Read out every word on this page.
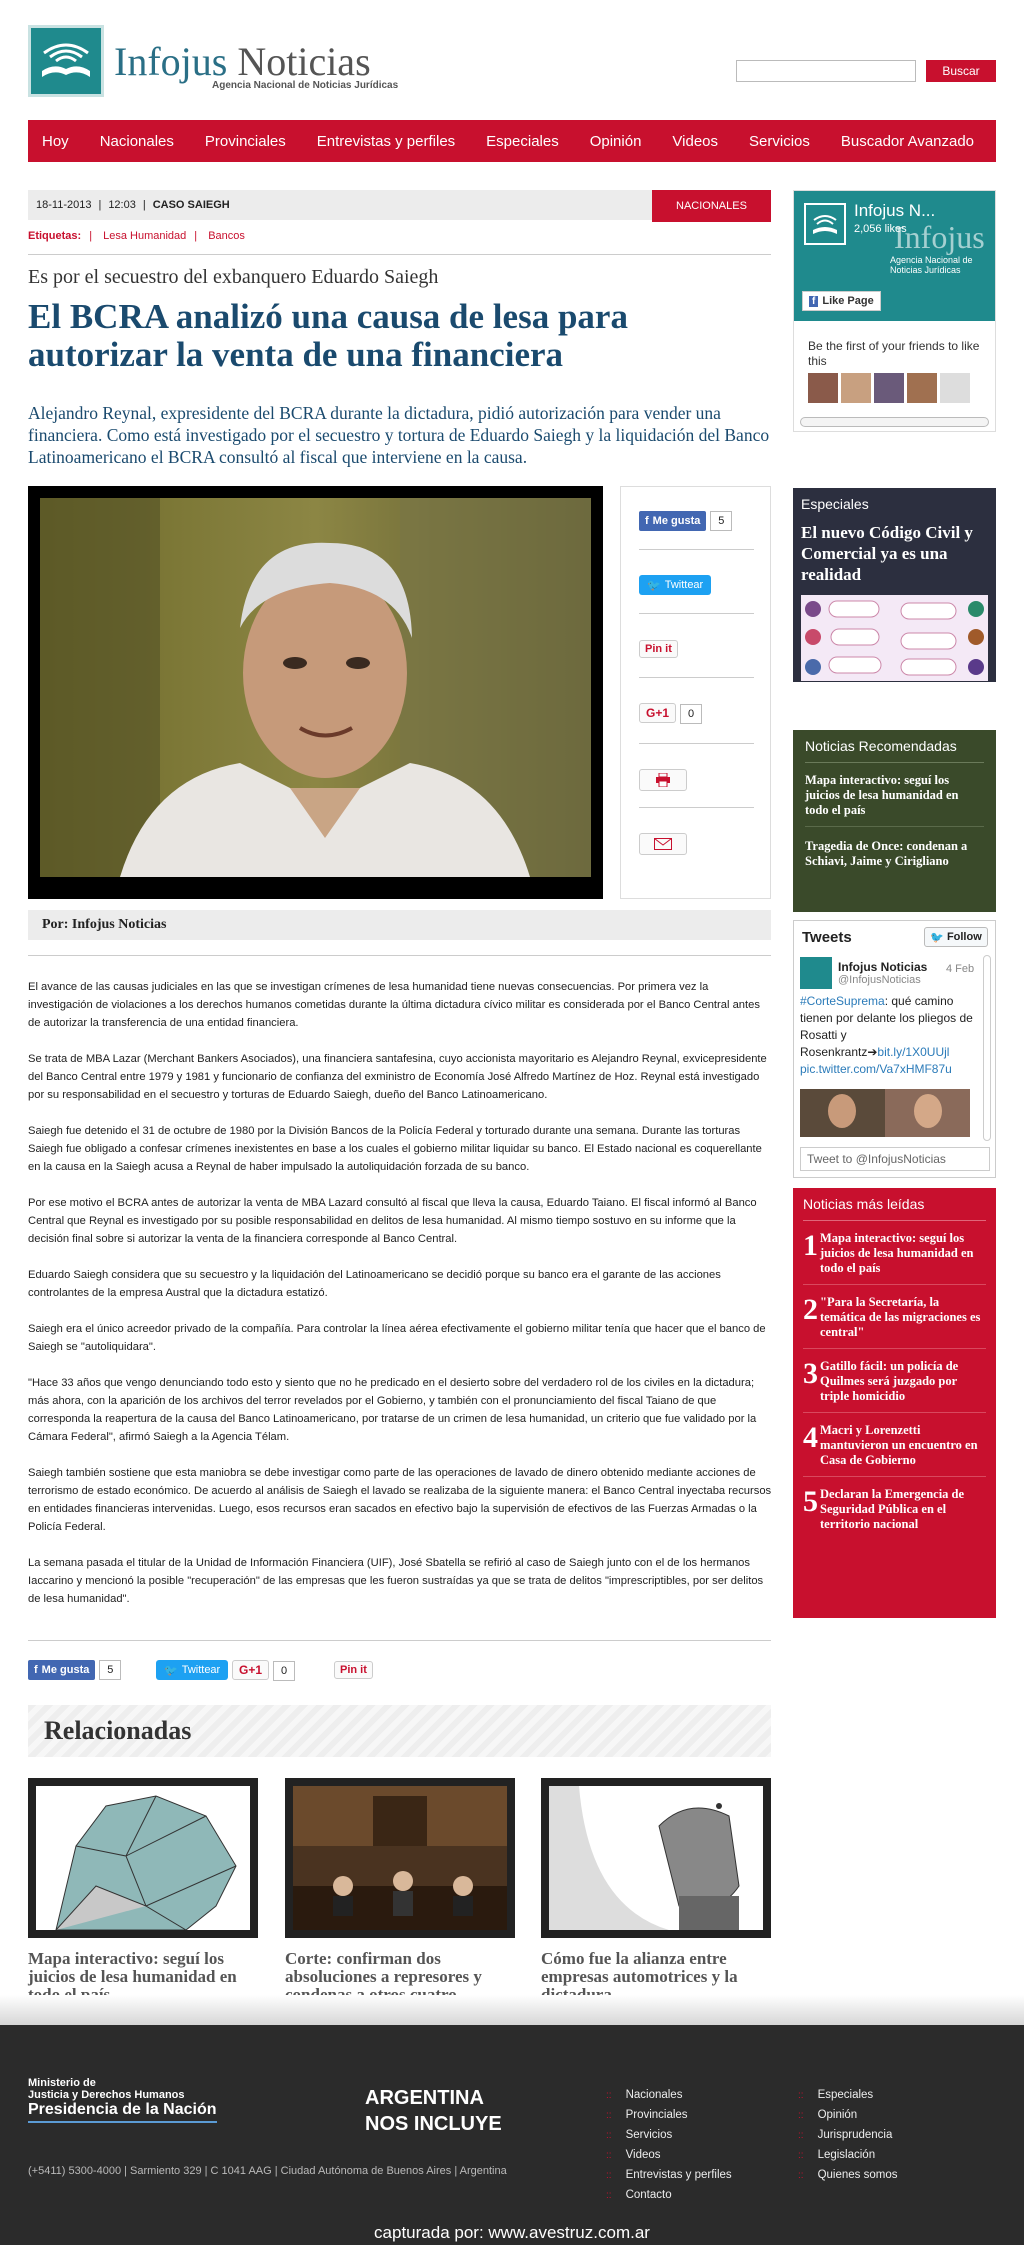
Infojus Noticias
Agencia Nacional de Noticias Jurídicas
Buscar
Hoy Nacionales Provinciales Entrevistas y perfiles Especiales Opinión Videos Servicios Buscador Avanzado
18-11-2013 | 12:03 | CASO SAIEGH	NACIONALES
Etiquetas: | Lesa Humanidad | Bancos
Es por el secuestro del exbanquero Eduardo Saiegh
El BCRA analizó una causa de lesa para autorizar la venta de una financiera
Alejandro Reynal, expresidente del BCRA durante la dictadura, pidió autorización para vender una financiera. Como está investigado por el secuestro y tortura de Eduardo Saiegh y la liquidación del Banco Latinoamericano el BCRA consultó al fiscal que interviene en la causa.
f Me gusta 5
🐦 Twittear
Pin it
G+1 0
Por: Infojus Noticias

El avance de las causas judiciales en las que se investigan crímenes de lesa humanidad tiene nuevas consecuencias. Por primera vez la investigación de violaciones a los derechos humanos cometidas durante la última dictadura cívico militar es considerada por el Banco Central antes de autorizar la transferencia de una entidad financiera.

Se trata de MBA Lazar (Merchant Bankers Asociados), una financiera santafesina, cuyo accionista mayoritario es Alejandro Reynal, exvicepresidente del Banco Central entre 1979 y 1981 y funcionario de confianza del exministro de Economía José Alfredo Martínez de Hoz. Reynal está investigado por su responsabilidad en el secuestro y torturas de Eduardo Saiegh, dueño del Banco Latinoamericano.

Saiegh fue detenido el 31 de octubre de 1980 por la División Bancos de la Policía Federal y torturado durante una semana. Durante las torturas Saiegh fue obligado a confesar crímenes inexistentes en base a los cuales el gobierno militar liquidar su banco. El Estado nacional es coquerellante en la causa en la Saiegh acusa a Reynal de haber impulsado la autoliquidación forzada de su banco.

Por ese motivo el BCRA antes de autorizar la venta de MBA Lazard consultó al fiscal que lleva la causa, Eduardo Taiano. El fiscal informó al Banco Central que Reynal es investigado por su posible responsabilidad en delitos de lesa humanidad. Al mismo tiempo sostuvo en su informe que la decisión final sobre si autorizar la venta de la financiera corresponde al Banco Central.

Eduardo Saiegh considera que su secuestro y la liquidación del Latinoamericano se decidió porque su banco era el garante de las acciones controlantes de la empresa Austral que la dictadura estatizó.

Saiegh era el único acreedor privado de la compañía. Para controlar la línea aérea efectivamente el gobierno militar tenía que hacer que el banco de Saiegh se "autoliquidara".

"Hace 33 años que vengo denunciando todo esto y siento que no he predicado en el desierto sobre del verdadero rol de los civiles en la dictadura; más ahora, con la aparición de los archivos del terror revelados por el Gobierno, y también con el pronunciamiento del fiscal Taiano de que corresponda la reapertura de la causa del Banco Latinoamericano, por tratarse de un crimen de lesa humanidad, un criterio que fue validado por la Cámara Federal", afirmó Saiegh a la Agencia Télam.

Saiegh también sostiene que esta maniobra se debe investigar como parte de las operaciones de lavado de dinero obtenido mediante acciones de terrorismo de estado económico. De acuerdo al análisis de Saiegh el lavado se realizaba de la siguiente manera: el Banco Central inyectaba recursos en entidades financieras intervenidas. Luego, esos recursos eran sacados en efectivo bajo la supervisión de efectivos de las Fuerzas Armadas o la Policía Federal.

La semana pasada el titular de la Unidad de Información Financiera (UIF), José Sbatella se refirió al caso de Saiegh junto con el de los hermanos Iaccarino y mencionó la posible "recuperación" de las empresas que les fueron sustraídas ya que se trata de delitos "imprescriptibles, por ser delitos de lesa humanidad".

f Me gusta 5	🐦 Twittear	G+1 0	Pin it
Relacionadas
Mapa interactivo: seguí los juicios de lesa humanidad en
Corte: confirman dos absoluciones a represores y
Cómo fue la alianza entre empresas automotrices y la
Infojus N...
2,056 likes
Infojus
Agencia Nacional de Noticias Jurídicas
f Like Page
Be the first of your friends to like this
Especiales
El nuevo Código Civil y Comercial ya es una realidad
Noticias Recomendadas
Mapa interactivo: seguí los juicios de lesa humanidad en todo el país
Tragedia de Once: condenan a Schiavi, Jaime y Cirigliano
Tweets	🐦 Follow
Infojus Noticias
@InfojusNoticias
#CorteSuprema: qué camino tienen por delante los pliegos de Rosatti y Rosenkrantz➔bit.ly/1X0UUjl pic.twitter.com/Va7xHMF87u
4 Feb
Tweet to @InfojusNoticias
Noticias más leídas
1 Mapa interactivo: seguí los juicios de lesa humanidad en todo el país
2 "Para la Secretaría, la temática de las migraciones es central"
3 Gatillo fácil: un policía de Quilmes será juzgado por triple homicidio
4 Macri y Lorenzetti mantuvieron un encuentro en Casa de Gobierno
5 Declaran la Emergencia de Seguridad Pública en el territorio nacional
Ministerio de
Justicia y Derechos Humanos
Presidencia de la Nación
ARGENTINA
NOS INCLUYE
(+5411) 5300-4000 | Sarmiento 329 | C 1041 AAG | Ciudad Autónoma de Buenos Aires | Argentina
:: Nacionales
:: Provinciales
:: Servicios
:: Videos
:: Entrevistas y perfiles
:: Contacto
:: Especiales
:: Opinión
:: Jurisprudencia
:: Legislación
:: Quienes somos
capturada por: www.avestruz.com.ar
